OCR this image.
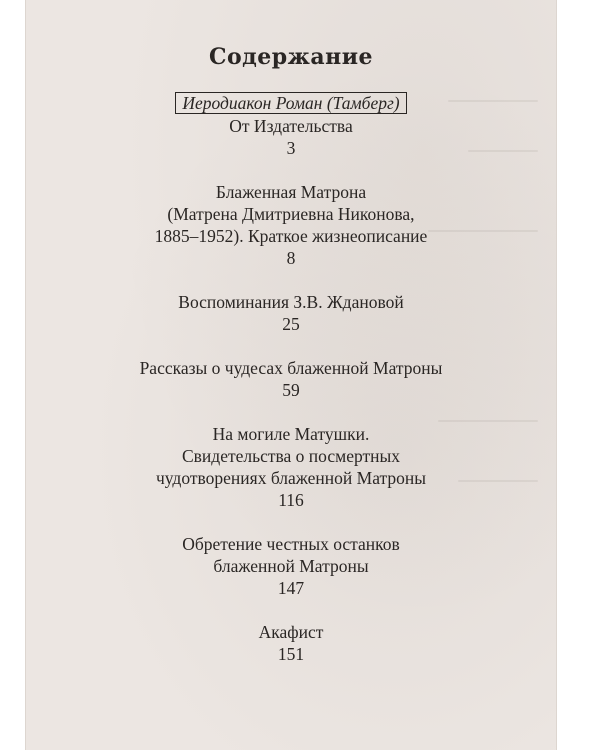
Содержание
Иеродиакон Роман (Тамберг)
От Издательства
3
Блаженная Матрона
(Матрена Дмитриевна Никонова,
1885–1952). Краткое жизнеописание
8
Воспоминания З.В. Ждановой
25
Рассказы о чудесах блаженной Матроны
59
На могиле Матушки.
Свидетельства о посмертных
чудотворениях блаженной Матроны
116
Обретение честных останков
блаженной Матроны
147
Акафист
151
